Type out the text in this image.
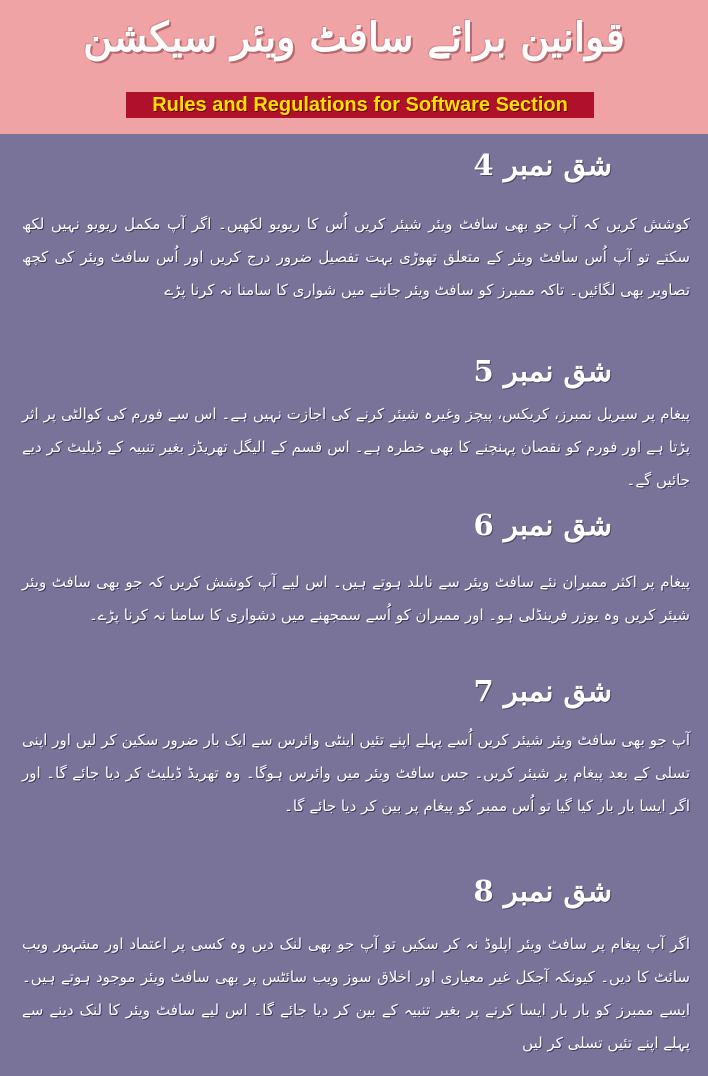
قوانین برائے سافٹ ویئر سیکشن
Rules and Regulations for Software Section
شق نمبر 4
کوشش کریں کہ آپ جو بھی سافٹ ویئر شیئر کریں اُس کا ریویو لکھیں۔ اگر آپ مکمل ریویو نہیں لکھ سکتے تو آپ اُس سافٹ ویئر کے متعلق تھوڑی بہت تفصیل ضرور درج کریں اور اُس سافٹ ویئر کی کچھ تصاویر بھی لگائیں۔ تاکہ ممبرز کو سافٹ ویئر جاننے میں شواری کا سامنا نہ کرنا پڑے
شق نمبر 5
پیغام پر سیریل نمبرز، کریکس، پیچز وغیرہ شیئر کرنے کی اجازت نہیں ہے۔ اس سے فورم کی کوالٹی پر اثر پڑتا ہے اور فورم کو نقصان پہنچنے کا بھی خطرہ ہے۔ اس قسم کے الیگل تھریڈز بغیر تنبیہ کے ڈیلیٹ کر دیے جائیں گے۔
شق نمبر 6
پیغام پر اکثر ممبران نئے سافٹ ویئر سے نابلد ہوتے ہیں۔ اس لیے آپ کوشش کریں کہ جو بھی سافٹ ویئر شیئر کریں وہ یوزر فرینڈلی ہو۔ اور ممبران کو اُسے سمجھنے میں دشواری کا سامنا نہ کرنا پڑے۔
شق نمبر 7
آپ جو بھی سافٹ ویئر شیئر کریں اُسے پہلے اپنے تئیں اینٹی وائرس سے ایک بار ضرور سکین کر لیں اور اپنی تسلی کے بعد پیغام پر شیئر کریں۔ جس سافٹ ویئر میں وائرس ہوگا۔ وہ تھریڈ ڈیلیٹ کر دیا جائے گا۔ اور اگر ایسا بار بار کیا گیا تو اُس ممبر کو پیغام پر بین کر دیا جائے گا۔
شق نمبر 8
اگر آپ پیغام پر سافٹ ویئر اپلوڈ نہ کر سکیں تو آپ جو بھی لنک دیں وہ کسی پر اعتماد اور مشہور ویب سائٹ کا دیں۔ کیونکہ آجکل غیر معیاری اور اخلاق سوز ویب سائٹس پر بھی سافٹ ویئر موجود ہوتے ہیں۔ ایسے ممبرز کو بار بار ایسا کرنے پر بغیر تنبیہ کے بین کر دیا جائے گا۔ اس لیے سافٹ ویئر کا لنک دینے سے پہلے اپنے تئیں تسلی کر لیں
